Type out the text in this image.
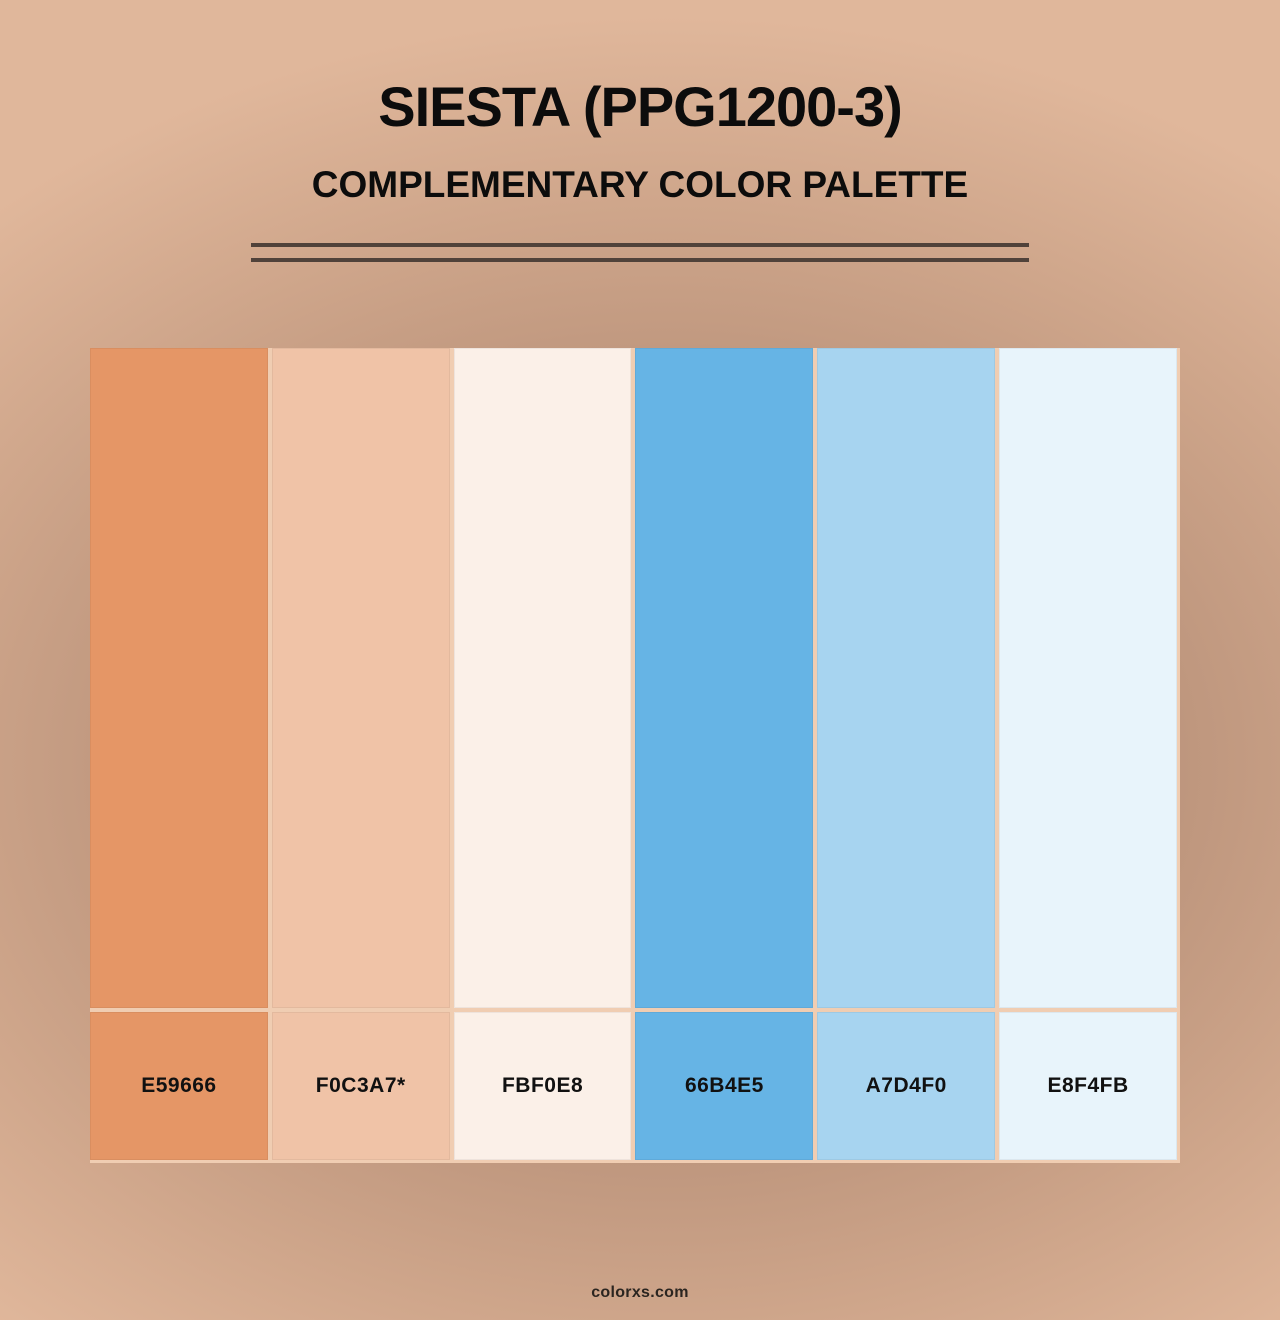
SIESTA (PPG1200-3)
COMPLEMENTARY COLOR PALETTE
E59666	F0C3A7*	FBF0E8	66B4E5	A7D4F0	E8F4FB
colorxs.com
